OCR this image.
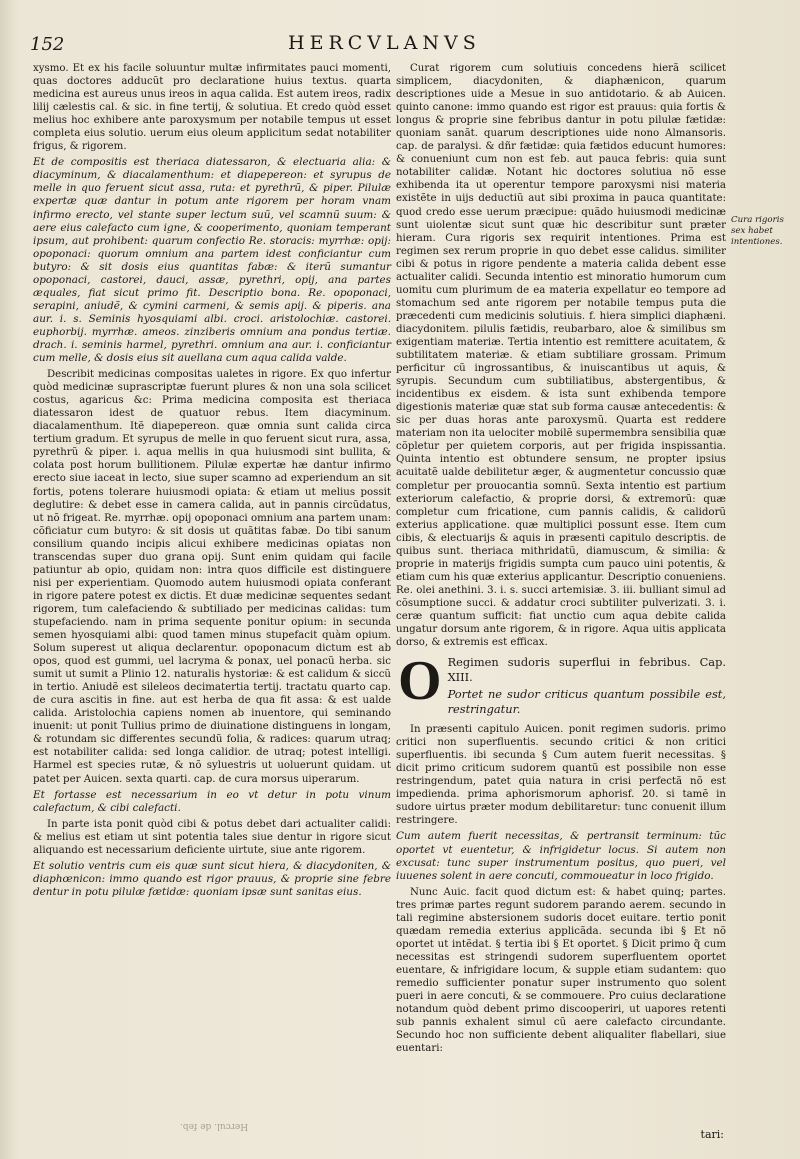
152	HERCVLANVS

xysmo. Et ex his facile soluuntur multæ infirmitates pauci momenti, quas doctores adducũt pro declaratione huius textus. quarta medicina est aureus unus ireos in aqua calida. Est autem ireos, radix lilij cælestis cal. & sic. in fine tertij, & solutiua. Et credo quòd esset melius hoc exhibere ante paroxysmum per notabile tempus ut esset completa eius solutio. uerum eius oleum applicitum sedat notabiliter frigus, & rigorem.

Et de compositis est theriaca diatessaron, & electuaria alia: & diacyminum, & diacalamenthum: et diapepereon: et syrupus de melle in quo feruent sicut assa, ruta: et pyrethrũ, & piper. Pilulæ expertæ quæ dantur in potum ante rigorem per horam vnam infirmo erecto, vel stante super lectum suũ, vel scamnũ suum: & aere eius calefacto cum igne, & cooperimento, quoniam temperant ipsum, aut prohibent: quarum confectio Re. storacis: myrrhæ: opij: opoponaci: quorum omnium ana partem idest conficiantur cum butyro: & sit dosis eius quantitas fabæ: & iterũ sumantur opoponaci, castorei, dauci, assæ, pyrethri, opij, ana partes æquales, fiat sicut primo fit. Descriptio bona. Re. opoponaci, serapini, aniudẽ, & cymini carmeni, & semis apij. & piperis. ana aur. i. s. Seminis hyosquiami albi. croci. aristolochiæ. castorei. euphorbij. myrrhæ. ameos. zinziberis omnium ana pondus tertiæ. drach. i. seminis harmel, pyrethri. omnium ana aur. i. conficiantur cum melle, & dosis eius sit auellana cum aqua calida valde.

Describit medicinas compositas ualetes in rigore. Ex quo infertur quòd medicinæ suprascriptæ fuerunt plures & non una sola scilicet costus, agaricus &c: Prima medicina composita est theriaca diatessaron idest de quatuor rebus. Item diacyminum. diacalamenthum. Itẽ diapepereon. quæ omnia sunt calida circa tertium gradum. Et syrupus de melle in quo feruent sicut rura, assa, pyrethrũ & piper. i. aqua mellis in qua huiusmodi sint bullita, & colata post horum bullitionem. Pilulæ expertæ hæ dantur infirmo erecto siue iaceat in lecto, siue super scamno ad experiendum an sit fortis, potens tolerare huiusmodi opiata: & etiam ut melius possit deglutire: & debet esse in camera calida, aut in pannis circũdatus, ut nõ frigeat. Re. myrrhæ. opij opoponaci omnium ana partem unam: cõficiatur cum butyro: & sit dosis ut quãtitas fabæ. Do tibi sanum consilium quando incipis alicui exhibere medicinas opiatas non transcendas super duo grana opij. Sunt enim quidam qui facile patiuntur ab opio, quidam non: intra quos difficile est distinguere nisi per experientiam. Quomodo autem huiusmodi opiata conferant in rigore patere potest ex dictis. Et duæ medicinæ sequentes sedant rigorem, tum calefaciendo & subtiliado per medicinas calidas: tum stupefaciendo. nam in prima sequente ponitur opium: in secunda semen hyosquiami albi: quod tamen minus stupefacit quàm opium. Solum superest ut aliqua declarentur. opoponacum dictum est ab opos, quod est gummi, uel lacryma & ponax, uel ponacũ herba. sic sumit ut sumit a Plinio 12. naturalis hystoriæ: & est calidum & siccũ in tertio. Aniudẽ est sileleos decimatertia tertij. tractatu quarto cap. de cura ascitis in fine. aut est herba de qua fit assa: & est ualde calida. Aristolochia capiens nomen ab inuentore, qui seminando inuenit: ut ponit Tullius primo de diuinatione distinguens in longam, & rotundam sic differentes secundũ folia, & radices: quarum utraq; est notabiliter calida: sed longa calidior. de utraq; potest intelligi. Harmel est species rutæ, & nõ syluestris ut uoluerunt quidam. ut patet per Auicen. sexta quarti. cap. de cura morsus uiperarum.

Et fortasse est necessarium in eo vt detur in potu vinum calefactum, & cibi calefacti.

In parte ista ponit quòd cibi & potus debet dari actualiter calidi: & melius est etiam ut sint potentia tales siue dentur in rigore sicut aliquando est necessarium deficiente uirtute, siue ante rigorem.

Et solutio ventris cum eis quæ sunt sicut hiera, & diacydoniten, & diaphœnicon: immo quando est rigor prauus, & proprie sine febre dentur in potu pilulæ fætidæ: quoniam ipsæ sunt sanitas eius.

Curat rigorem cum solutiuis concedens hierã scilicet simplicem, diacydoniten, & diaphænicon, quarum descriptiones uide a Mesue in suo antidotario. & ab Auicen. quinto canone: immo quando est rigor est prauus: quia fortis & longus & proprie sine febribus dantur in potu pilulæ fætidæ: quoniam sanãt. quarum descriptiones uide nono Almansoris. cap. de paralysi. & dñr fætidæ: quia fætidos educunt humores: & conueniunt cum non est feb. aut pauca febris: quia sunt notabiliter calidæ. Notant hic doctores solutiua nõ esse exhibenda ita ut operentur tempore paroxysmi nisi materia existẽte in uijs deductiũ aut sibi proxima in pauca quantitate: quod credo esse uerum præcipue: quãdo huiusmodi medicinæ sunt uiolentæ sicut sunt quæ hic describitur sunt præter hieram. Cura rigoris sex requirit intentiones. Prima est regimen sex rerum proprie in quo debet esse calidus. similiter cibi & potus in rigore pendente a materia calida debent esse actualiter calidi. Secunda intentio est minoratio humorum cum uomitu cum plurimum de ea materia expellatur eo tempore ad stomachum sed ante rigorem per notabile tempus puta die præcedenti cum medicinis solutiuis. f. hiera simplici diaphæni. diacydonitem. pilulis fætidis, reubarbaro, aloe & similibus sm exigentiam materiæ. Tertia intentio est remittere acuitatem, & subtilitatem materiæ. & etiam subtiliare grossam. Primum perficitur cũ ingrossantibus, & inuiscantibus ut aquis, & syrupis. Secundum cum subtiliatibus, abstergentibus, & incidentibus ex eisdem. & ista sunt exhibenda tempore digestionis materiæ quæ stat sub forma causæ antecedentis: & sic per duas horas ante paroxysmũ. Quarta est reddere materiam non ita uelociter mobilẽ supermembra sensibilia quæ cõpletur per quietem corporis, aut per frigida inspissantia. Quinta intentio est obtundere sensum, ne propter ipsius acuitatẽ ualde debilitetur æger, & augmentetur concussio quæ completur per prouocantia somnũ. Sexta intentio est partium exteriorum calefactio, & proprie dorsi, & extremorũ: quæ completur cum fricatione, cum pannis calidis, & calidorũ exterius applicatione. quæ multiplici possunt esse. Item cum cibis, & electuarijs & aquis in præsenti capitulo descriptis. de quibus sunt. theriaca mithridatũ, diamuscum, & similia: & proprie in materijs frigidis sumpta cum pauco uini potentis, & etiam cum his quæ exterius applicantur. Descriptio conueniens. Re. olei anethini. 3. i. s. succi artemisiæ. 3. iii. bulliant simul ad cõsumptione succi. & addatur croci subtiliter pulverizati. 3. i. ceræ quantum sufficit: fiat unctio cum aqua debite calida ungatur dorsum ante rigorem, & in rigore. Aqua uitis applicata dorso, & extremis est efficax.

O Regimen sudoris superflui in febribus. Cap. XIII.
Portet ne sudor criticus quantum possibile est, restringatur.

In præsenti capitulo Auicen. ponit regimen sudoris. primo critici non superfluentis. secundo critici & non critici superfluentis. ibi secunda § Cum autem fuerit necessitas. § dicit primo criticum sudorem quantũ est possibile non esse restringendum, patet quia natura in crisi perfectã nõ est impedienda. prima aphorismorum aphorisf. 20. si tamẽ in sudore uirtus præter modum debilitaretur: tunc conuenit illum restringere.

Cum autem fuerit necessitas, & pertransit terminum: tũc oportet vt euentetur, & infrigidetur locus. Si autem non excusat: tunc super instrumentum positus, quo pueri, vel iuuenes solent in aere concuti, commoueatur in loco frigido.

Nunc Auic. facit quod dictum est: & habet quinq; partes. tres primæ partes regunt sudorem parando aerem. secundo in tali regimine abstersionem sudoris docet euitare. tertio ponit quædam remedia exterius applicãda. secunda ibi § Et nõ oportet ut intẽdat. § tertia ibi § Et oportet. § Dicit primo q̃ cum necessitas est stringendi sudorem superfluentem oportet euentare, & infrigidare locum, & supple etiam sudantem: quo remedio sufficienter ponatur super instrumento quo solent pueri in aere concuti, & se commouere. Pro cuius declaratione notandum quòd debent primo discooperiri, ut uapores retenti sub pannis exhalent simul cũ aere calefacto circundante. Secundo hoc non sufficiente debent aliqualiter flabellari, siue euentari:

Cura rigoris sex habet intentiones.
tari:
Hercul. de feb.
